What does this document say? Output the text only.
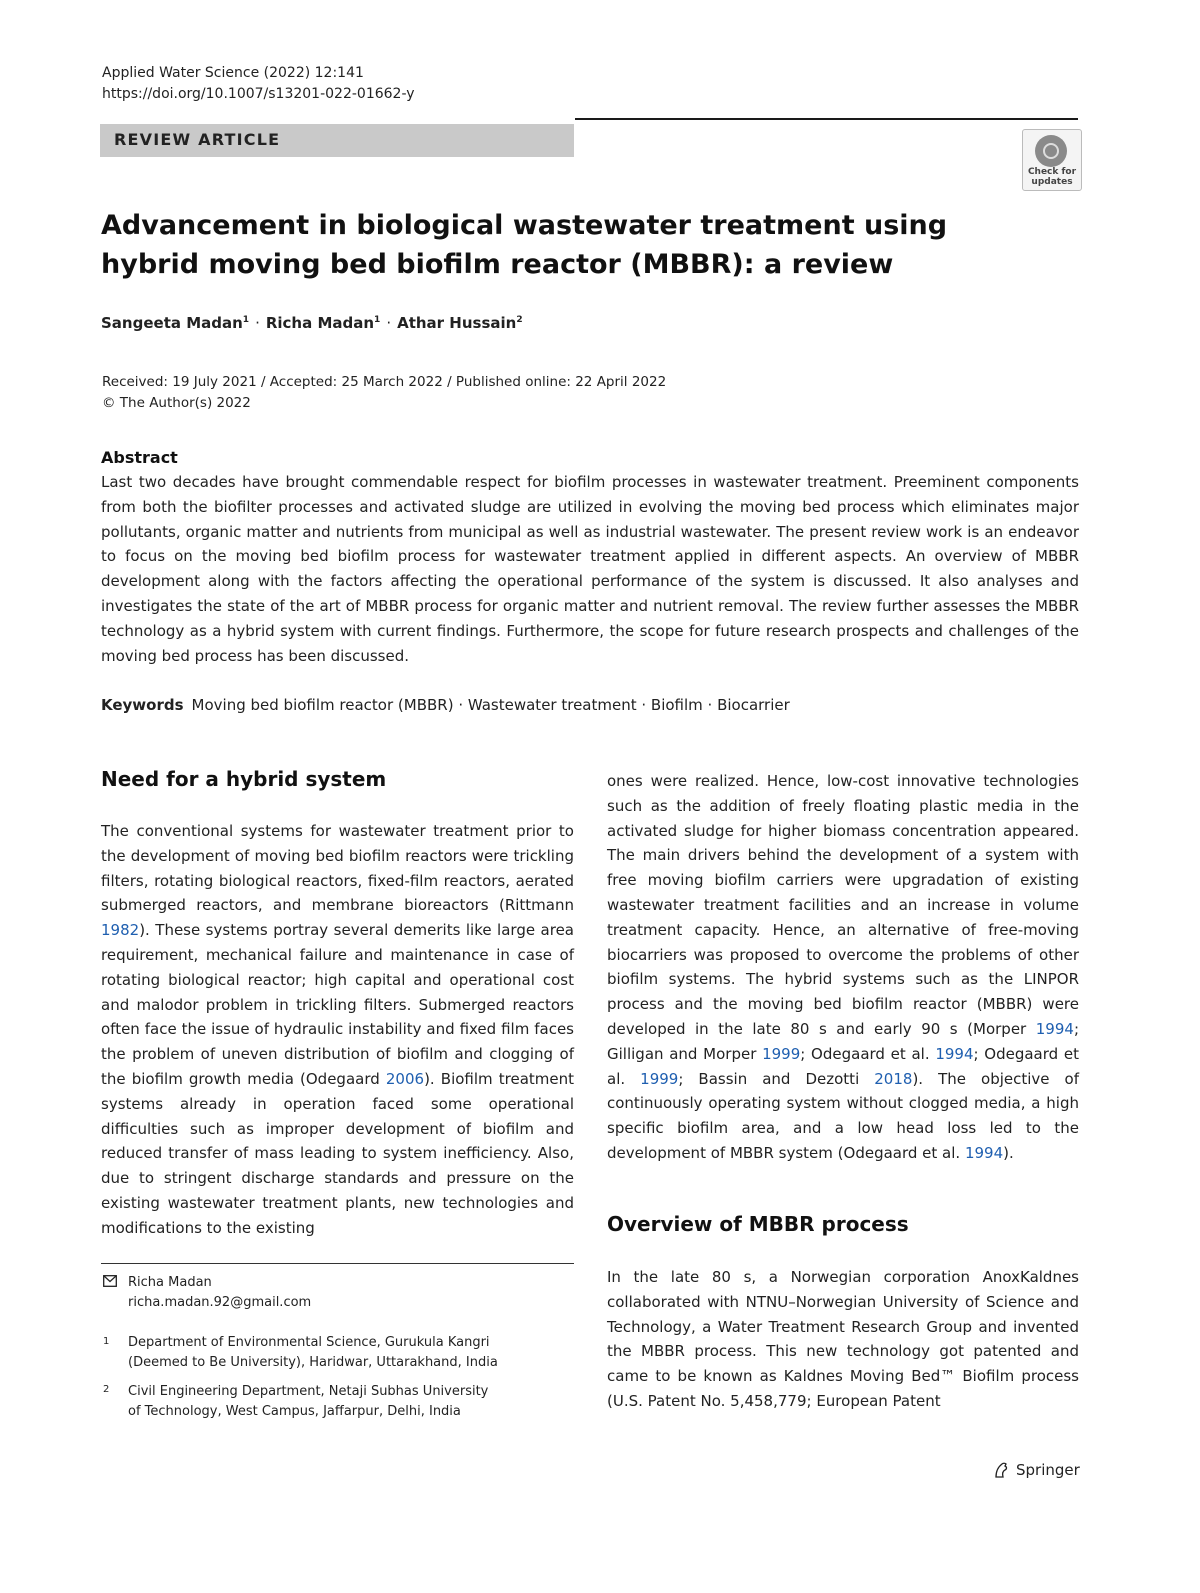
Applied Water Science (2022) 12:141
https://doi.org/10.1007/s13201-022-01662-y
REVIEW ARTICLE
Check for updates
Advancement in biological wastewater treatment using hybrid moving bed biofilm reactor (MBBR): a review
Sangeeta Madan$^1$ · Richa Madan$^1$ · Athar Hussain$^2$
Received: 19 July 2021 / Accepted: 25 March 2022 / Published online: 22 April 2022
© The Author(s) 2022
Abstract
Last two decades have brought commendable respect for biofilm processes in wastewater treatment. Preeminent components from both the biofilter processes and activated sludge are utilized in evolving the moving bed process which eliminates major pollutants, organic matter and nutrients from municipal as well as industrial wastewater. The present review work is an endeavor to focus on the moving bed biofilm process for wastewater treatment applied in different aspects. An overview of MBBR development along with the factors affecting the operational performance of the system is discussed. It also analyses and investigates the state of the art of MBBR process for organic matter and nutrient removal. The review further assesses the MBBR technology as a hybrid system with current findings. Furthermore, the scope for future research prospects and challenges of the moving bed process has been discussed.
Keywords Moving bed biofilm reactor (MBBR) · Wastewater treatment · Biofilm · Biocarrier
Need for a hybrid system

The conventional systems for wastewater treatment prior to the development of moving bed biofilm reactors were trickling filters, rotating biological reactors, fixed-film reactors, aerated submerged reactors, and membrane bioreactors (Rittmann 1982). These systems portray several demerits like large area requirement, mechanical failure and maintenance in case of rotating biological reactor; high capital and operational cost and malodor problem in trickling filters. Submerged reactors often face the issue of hydraulic instability and fixed film faces the problem of uneven distribution of biofilm and clogging of the biofilm growth media (Odegaard 2006). Biofilm treatment systems already in operation faced some operational difficulties such as improper development of biofilm and reduced transfer of mass leading to system inefficiency. Also, due to stringent discharge standards and pressure on the existing wastewater treatment plants, new technologies and modifications to the existing

Richa Madan
richa.madan.92@gmail.com
1 Department of Environmental Science, Gurukula Kangri
(Deemed to Be University), Haridwar, Uttarakhand, India
2 Civil Engineering Department, Netaji Subhas University
of Technology, West Campus, Jaffarpur, Delhi, India

ones were realized. Hence, low-cost innovative technologies such as the addition of freely floating plastic media in the activated sludge for higher biomass concentration appeared. The main drivers behind the development of a system with free moving biofilm carriers were upgradation of existing wastewater treatment facilities and an increase in volume treatment capacity. Hence, an alternative of free-moving biocarriers was proposed to overcome the problems of other biofilm systems. The hybrid systems such as the LINPOR process and the moving bed biofilm reactor (MBBR) were developed in the late 80 s and early 90 s (Morper 1994; Gilligan and Morper 1999; Odegaard et al. 1994; Odegaard et al. 1999; Bassin and Dezotti 2018). The objective of continuously operating system without clogged media, a high specific biofilm area, and a low head loss led to the development of MBBR system (Odegaard et al. 1994).

Overview of MBBR process
In the late 80 s, a Norwegian corporation AnoxKaldnes collaborated with NTNU–Norwegian University of Science and Technology, a Water Treatment Research Group and invented the MBBR process. This new technology got patented and came to be known as Kaldnes Moving Bed™ Biofilm process (U.S. Patent No. 5,458,779; European Patent
Springer
